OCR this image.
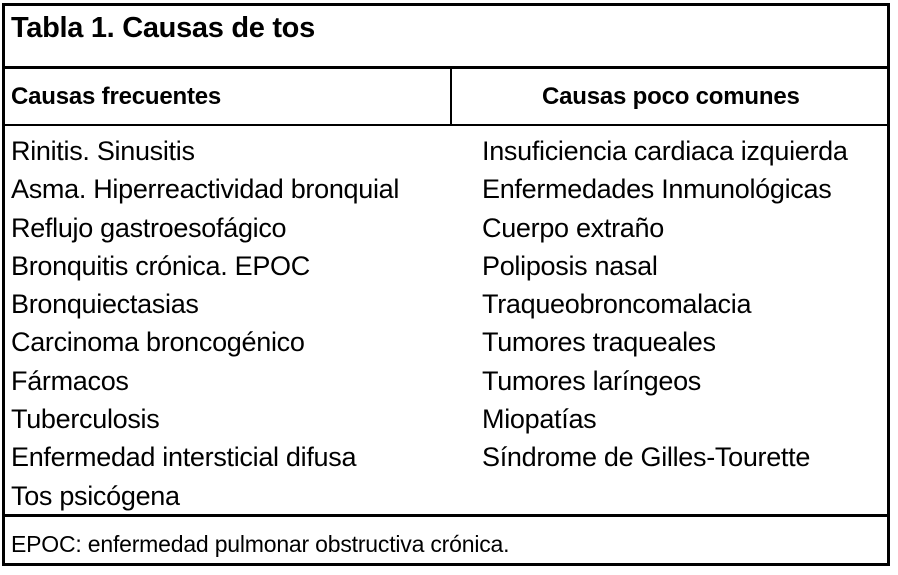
Tabla 1. Causas de tos
Causas frecuentes	Causas poco comunes
Rinitis. Sinusitis
Asma. Hiperreactividad bronquial
Reflujo gastroesofágico
Bronquitis crónica. EPOC
Bronquiectasias
Carcinoma broncogénico
Fármacos
Tuberculosis
Enfermedad intersticial difusa
Tos psicógena
Insuficiencia cardiaca izquierda
Enfermedades Inmunológicas
Cuerpo extraño
Poliposis nasal
Traqueobroncomalacia
Tumores traqueales
Tumores laríngeos
Miopatías
Síndrome de Gilles-Tourette
EPOC: enfermedad pulmonar obstructiva crónica.
